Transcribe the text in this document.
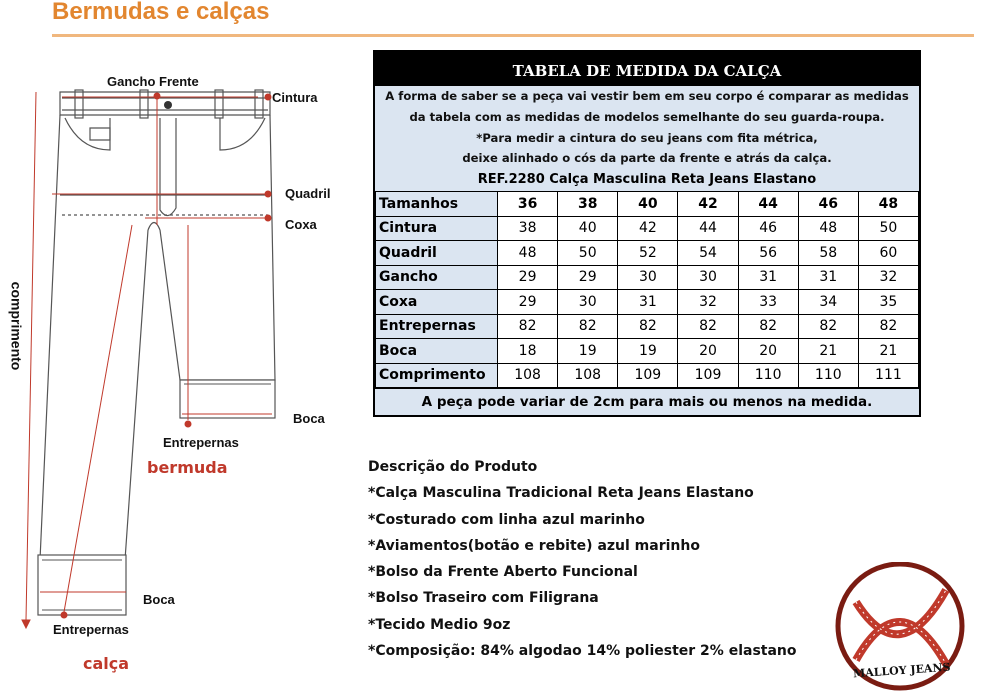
Bermudas e calças
Gancho Frente
Cintura
Quadril
Coxa
Boca
Entrepernas
bermuda
Boca
Entrepernas
calça
comprimento
TABELA DE MEDIDA DA CALÇA
A forma de saber se a peça vai vestir bem em seu corpo é comparar as medidas
da tabela com as medidas de modelos semelhante do seu guarda-roupa.
*Para medir a cintura do seu jeans com fita métrica,
deixe alinhado o cós da parte da frente e atrás da calça.
REF.2280 Calça Masculina Reta Jeans Elastano
Tamanhos	36	38	40	42	44	46	48
Cintura	38	40	42	44	46	48	50
Quadril	48	50	52	54	56	58	60
Gancho	29	29	30	30	31	31	32
Coxa	29	30	31	32	33	34	35
Entrepernas	82	82	82	82	82	82	82
Boca	18	19	19	20	20	21	21
Comprimento	108	108	109	109	110	110	111
A peça pode variar de 2cm para mais ou menos na medida.
Descrição do Produto
*Calça Masculina Tradicional Reta Jeans Elastano
*Costurado com linha azul marinho
*Aviamentos(botão e rebite) azul marinho
*Bolso da Frente Aberto Funcional
*Bolso Traseiro com Filigrana
*Tecido Medio 9oz
*Composição: 84% algodao 14% poliester 2% elastano
MALLOY JEANS
